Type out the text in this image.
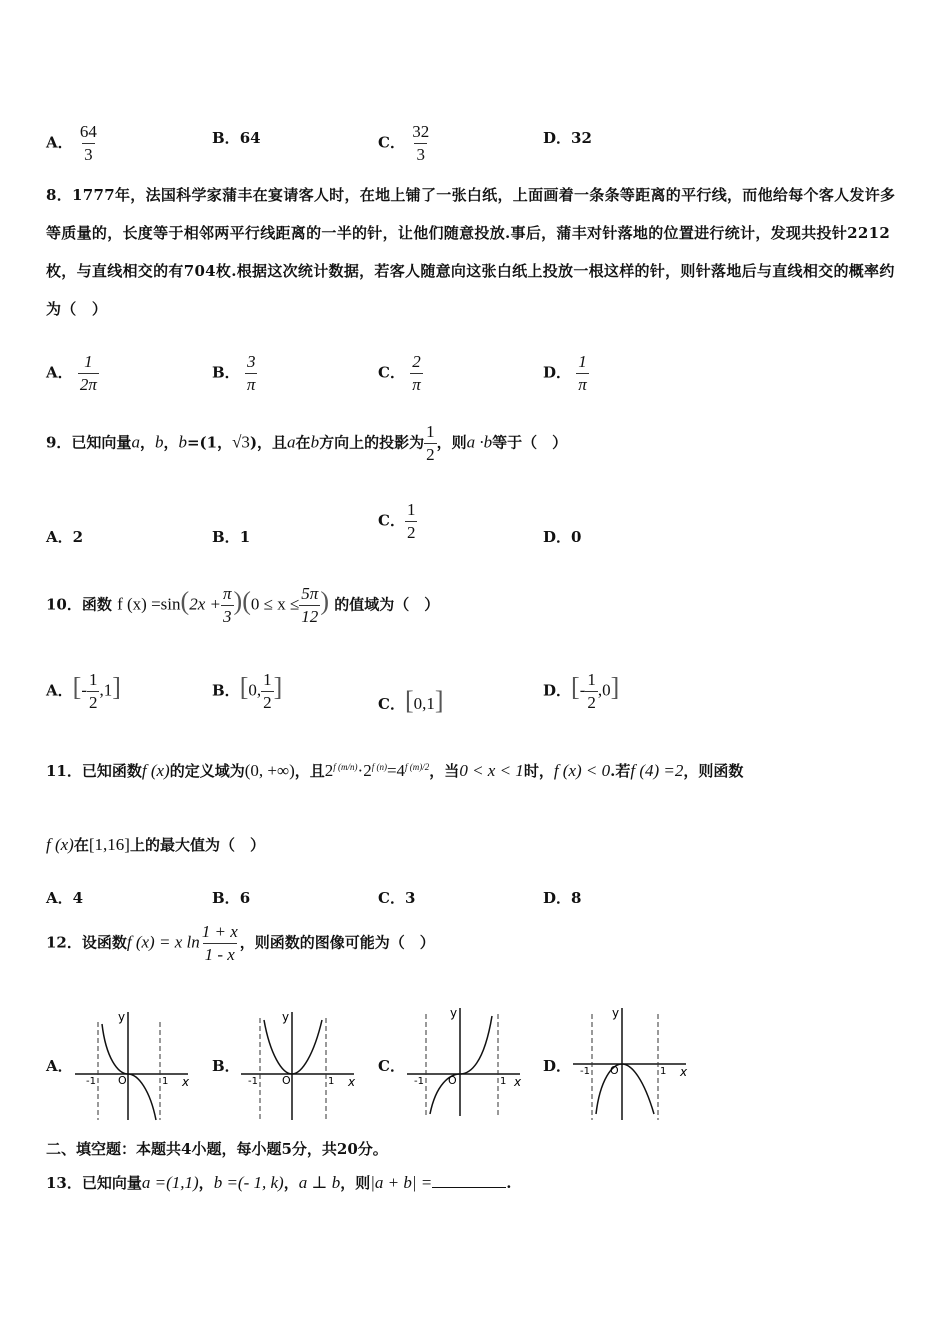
A． $\frac{64}{3}$	B．64	C． $\frac{32}{3}$	D．32
8．1777年，法国科学家蒲丰在宴请客人时，在地上铺了一张白纸，上面画着一条条等距离的平行线，而他给每个客人发许多等质量的，长度等于相邻两平行线距离的一半的针，让他们随意投放.事后，蒲丰对针落地的位置进行统计，发现共投针2212枚，与直线相交的有704枚.根据这次统计数据，若客人随意向这张白纸上投放一根这样的针，则针落地后与直线相交的概率约为（　）
A． $\frac{1}{2\pi}$	B． $\frac{3}{\pi}$	C． $\frac{2}{\pi}$	D． $\frac{1}{\pi}$
9．已知向量a，b，b=(1，√3)，且a在b方向上的投影为 $\frac{1}{2}$ ，则a ·b等于（　）
A．2	B．1
C． $\frac{1}{2}$	D．0
10．函数 f $(x) =\sin(2x + \frac{\pi}{3} )(0 \le x \le \frac{5\pi}{12}$ ) 的值域为（　）
A．[- $\frac{1}{2} ,1$]	B．[0, $\frac{1}{2}$ ]
C．[0,1]	D．[- $\frac{1}{2} ,0$]
11．已知函数f (x)的定义域为(0, +∞)，且$2^{f (m/n)}\cdot 2^{f (n)}=4^{f (m)/2}$，当0 < x < 1时，f (x) < 0.若f (4) =2，则函数
f (x)在[1,16]上的最大值为（　）
A．4	B．6	C．3	D．8
12．设函数f (x) = x $\ln \frac{1 + x}{1 - x}$ ，则函数的图像可能为（　）
A．	B．	C．	D．
y
x
-1 O	1
y
x
-1 O	1
y
x
-1 O	1
y
x
-1 O	1
二、填空题：本题共4小题，每小题5分，共20分。
13．已知向量a =(1,1)，b =(- 1, k)，a ⊥ b，则|a + b| =	.
